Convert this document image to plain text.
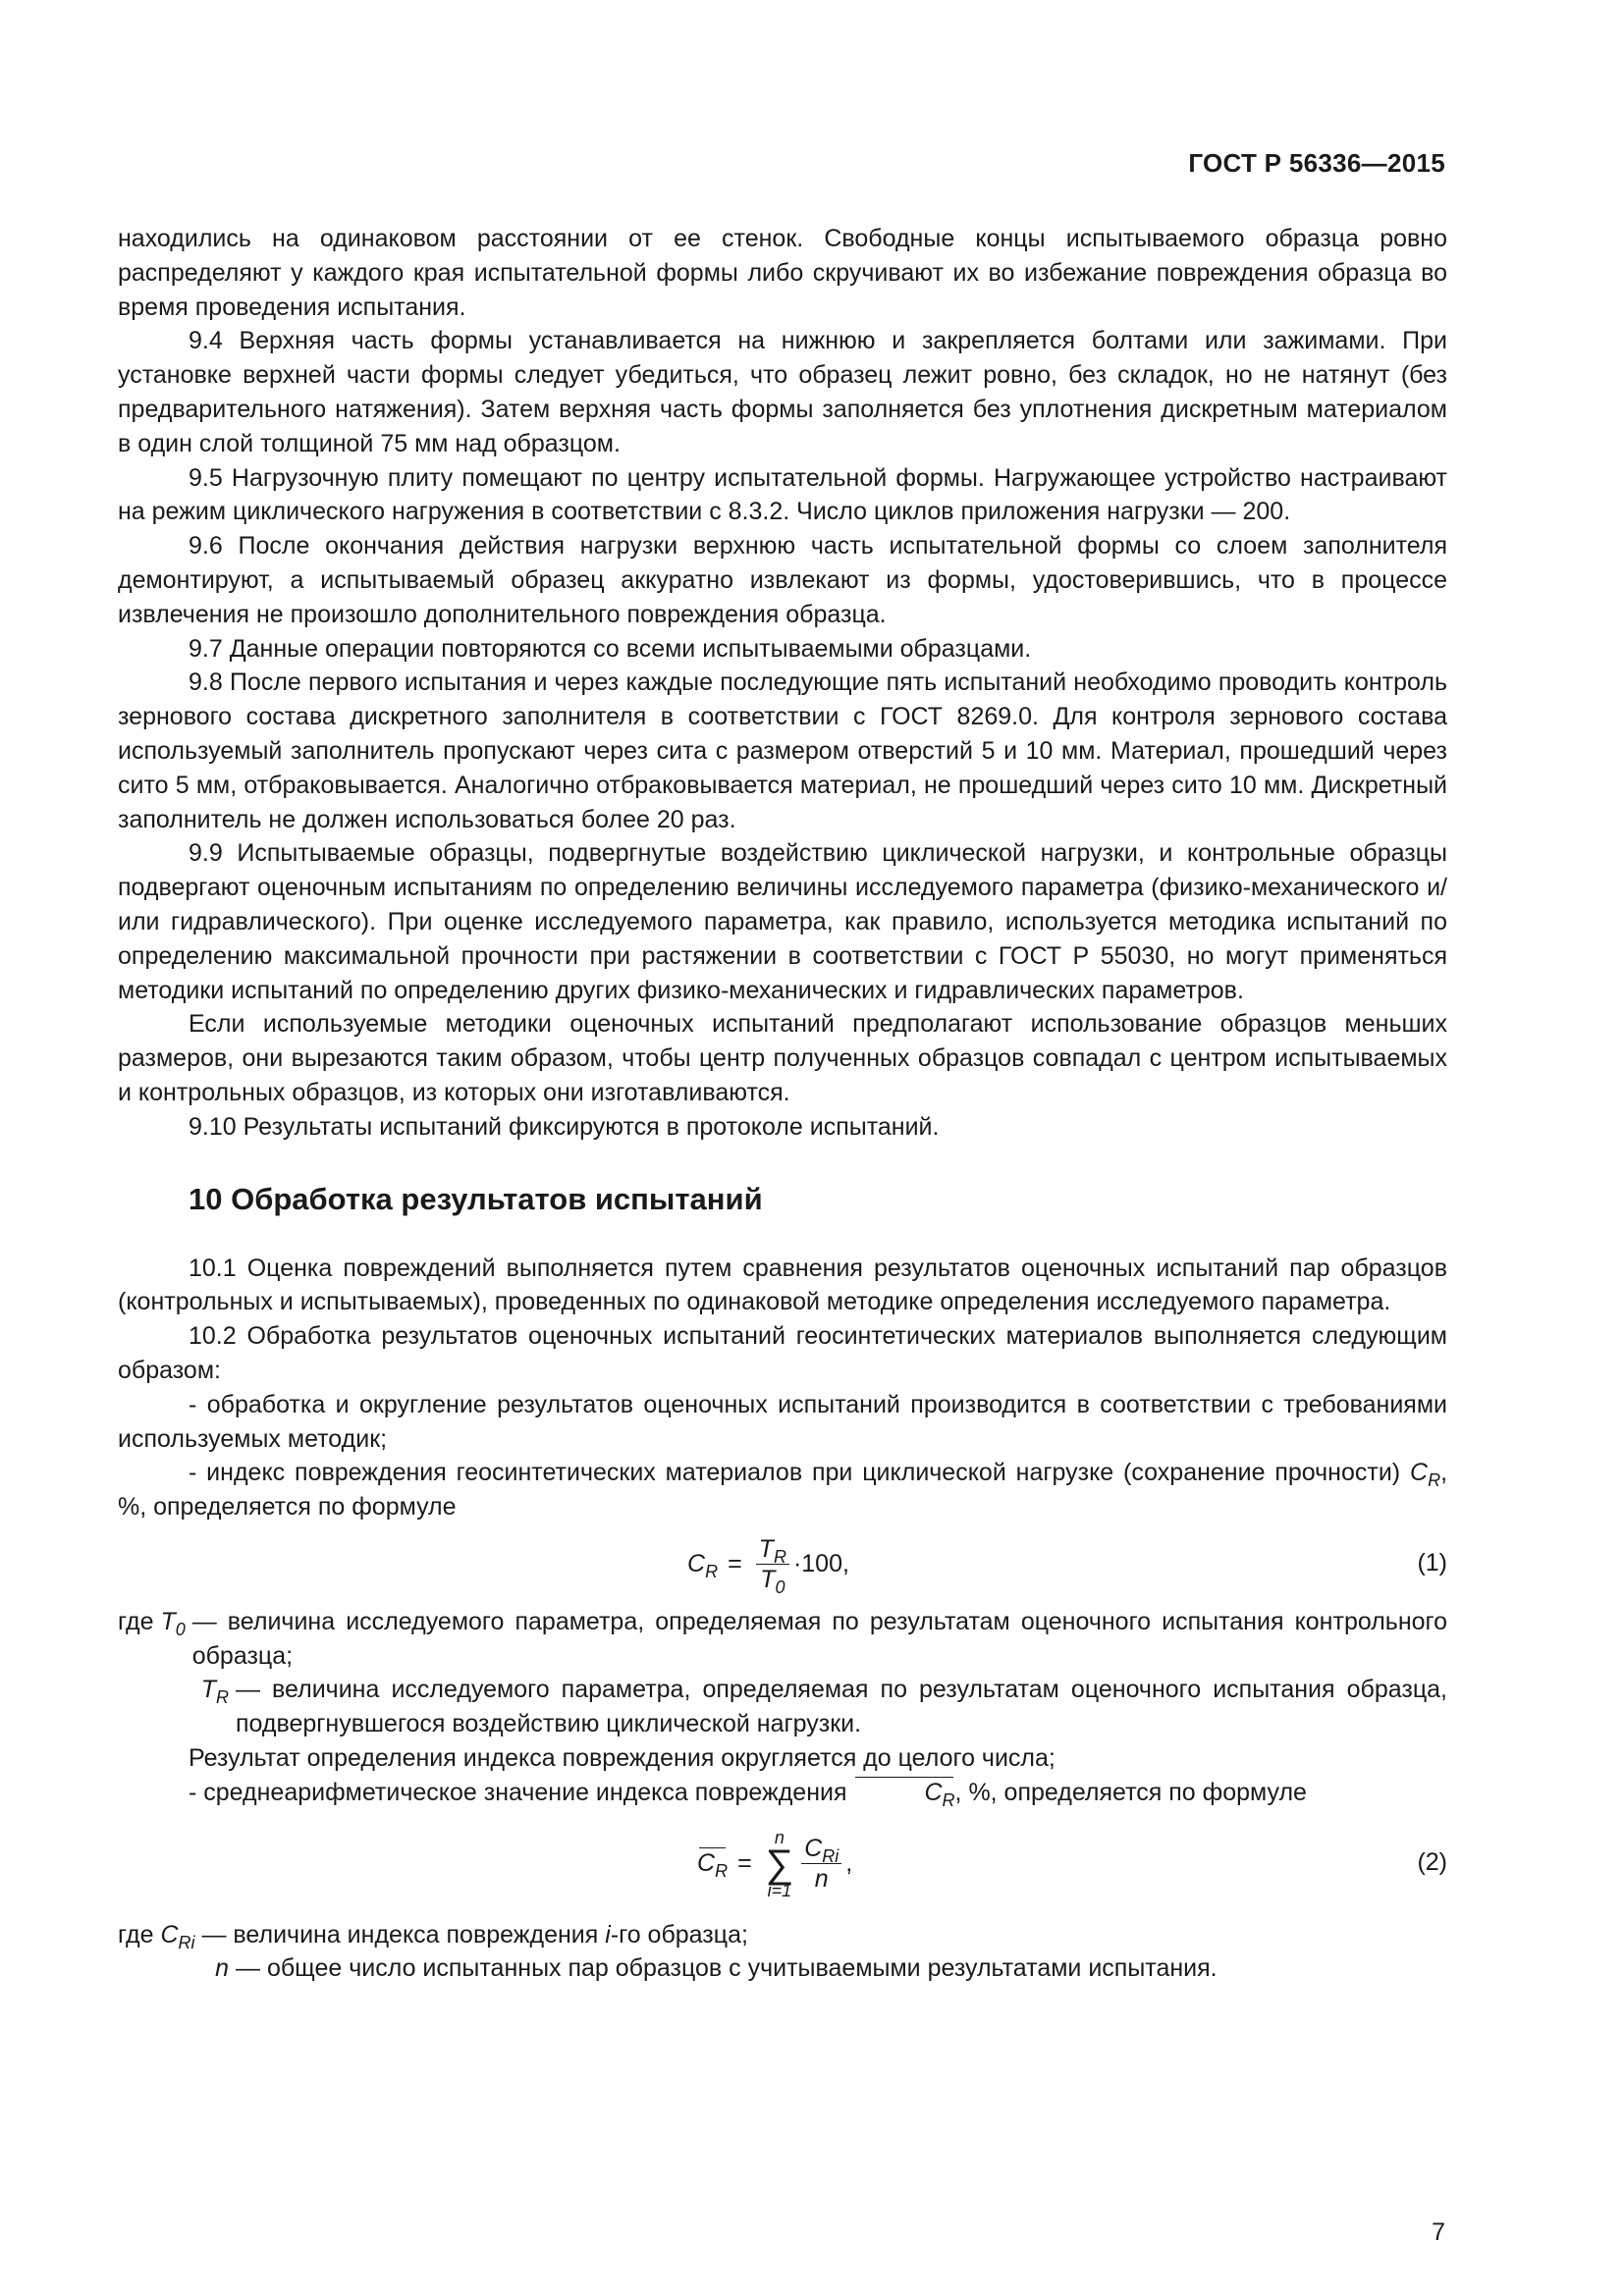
ГОСТ Р 56336—2015

находились на одинаковом расстоянии от ее стенок. Свободные концы испытываемого образца ровно распределяют у каждого края испытательной формы либо скручивают их во избежание повреждения образца во время проведения испытания.

9.4 Верхняя часть формы устанавливается на нижнюю и закрепляется болтами или зажимами. При установке верхней части формы следует убедиться, что образец лежит ровно, без складок, но не натянут (без предварительного натяжения). Затем верхняя часть формы заполняется без уплотнения дискретным материалом в один слой толщиной 75 мм над образцом.

9.5 Нагрузочную плиту помещают по центру испытательной формы. Нагружающее устройство настраивают на режим циклического нагружения в соответствии с 8.3.2. Число циклов приложения нагрузки — 200.

9.6 После окончания действия нагрузки верхнюю часть испытательной формы со слоем заполнителя демонтируют, а испытываемый образец аккуратно извлекают из формы, удостоверившись, что в процессе извлечения не произошло дополнительного повреждения образца.

9.7 Данные операции повторяются со всеми испытываемыми образцами.

9.8 После первого испытания и через каждые последующие пять испытаний необходимо проводить контроль зернового состава дискретного заполнителя в соответствии с ГОСТ 8269.0. Для контроля зернового состава используемый заполнитель пропускают через сита с размером отверстий 5 и 10 мм. Материал, прошедший через сито 5 мм, отбраковывается. Аналогично отбраковывается материал, не прошедший через сито 10 мм. Дискретный заполнитель не должен использоваться более 20 раз.

9.9 Испытываемые образцы, подвергнутые воздействию циклической нагрузки, и контрольные образцы подвергают оценочным испытаниям по определению величины исследуемого параметра (физико-механического и/или гидравлического). При оценке исследуемого параметра, как правило, используется методика испытаний по определению максимальной прочности при растяжении в соответствии с ГОСТ Р 55030, но могут применяться методики испытаний по определению других физико-механических и гидравлических параметров.

Если используемые методики оценочных испытаний предполагают использование образцов меньших размеров, они вырезаются таким образом, чтобы центр полученных образцов совпадал с центром испытываемых и контрольных образцов, из которых они изготавливаются.

9.10 Результаты испытаний фиксируются в протоколе испытаний.

10 Обработка результатов испытаний

10.1 Оценка повреждений выполняется путем сравнения результатов оценочных испытаний пар образцов (контрольных и испытываемых), проведенных по одинаковой методике определения исследуемого параметра.

10.2 Обработка результатов оценочных испытаний геосинтетических материалов выполняется следующим образом:

- обработка и округление результатов оценочных испытаний производится в соответствии с требованиями используемых методик;

- индекс повреждения геосинтетических материалов при циклической нагрузке (сохранение прочности) $C_R$, %, определяется по формуле

$C_R = \frac{T_R}{T_0} \cdot 100$,	(1)
где $T_0$ — величина исследуемого параметра, определяемая по результатам оценочного испытания контрольного образца;
$T_R$ — величина исследуемого параметра, определяемая по результатам оценочного испытания образца, подвергнувшегося воздействию циклической нагрузки.

Результат определения индекса повреждения округляется до целого числа;

- среднеарифметическое значение индекса повреждения	$C_R$, %, определяется по формуле

$C_R$ =
n
∑
$i=1 \frac{C_{Ri}}{n}$ ,	(2)
где $C_{Ri}$ — величина индекса повреждения i-го образца;
n — общее число испытанных пар образцов с учитываемыми результатами испытания.
7
